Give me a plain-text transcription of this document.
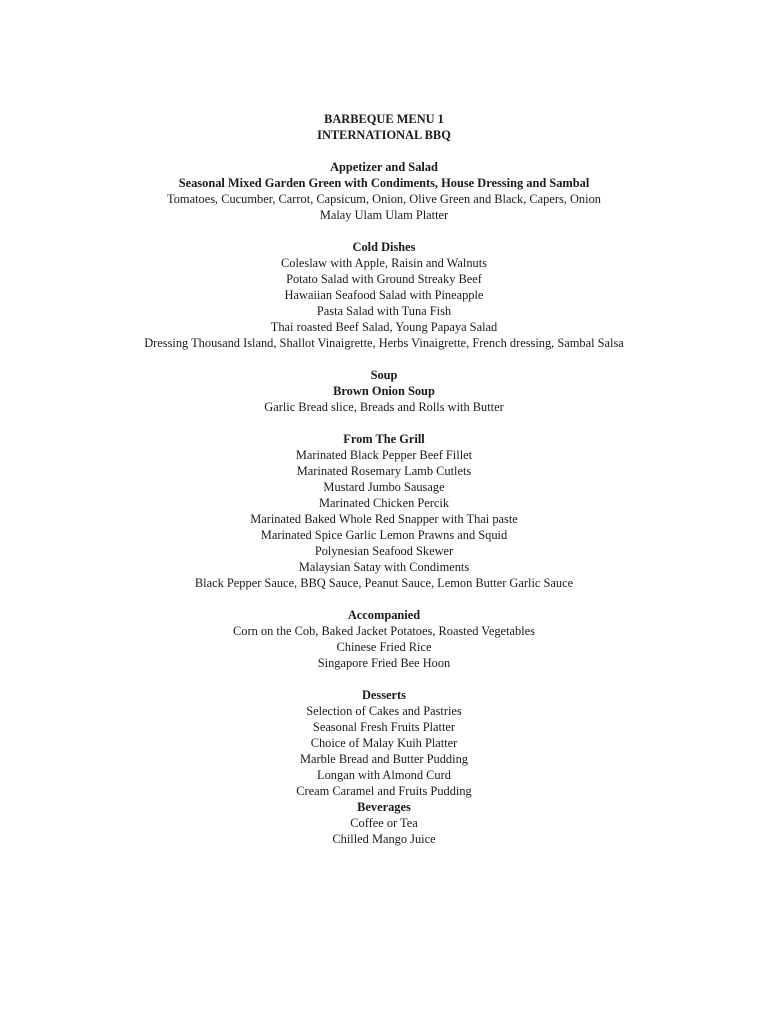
BARBEQUE MENU 1
INTERNATIONAL BBQ
Appetizer and Salad
Seasonal Mixed Garden Green with Condiments, House Dressing and Sambal
Tomatoes, Cucumber, Carrot, Capsicum, Onion, Olive Green and Black, Capers, Onion
Malay Ulam Ulam Platter
Cold Dishes
Coleslaw with Apple, Raisin and Walnuts
Potato Salad with Ground Streaky Beef
Hawaiian Seafood Salad with Pineapple
Pasta Salad with Tuna Fish
Thai roasted Beef Salad, Young Papaya Salad
Dressing Thousand Island, Shallot Vinaigrette, Herbs Vinaigrette, French dressing, Sambal Salsa
Soup
Brown Onion Soup
Garlic Bread slice, Breads and Rolls with Butter
From The Grill
Marinated Black Pepper Beef Fillet
Marinated Rosemary Lamb Cutlets
Mustard Jumbo Sausage
Marinated Chicken Percik
Marinated Baked Whole Red Snapper with Thai paste
Marinated Spice Garlic Lemon Prawns and Squid
Polynesian Seafood Skewer
Malaysian Satay with Condiments
Black Pepper Sauce, BBQ Sauce, Peanut Sauce, Lemon Butter Garlic Sauce
Accompanied
Corn on the Cob, Baked Jacket Potatoes, Roasted Vegetables
Chinese Fried Rice
Singapore Fried Bee Hoon
Desserts
Selection of Cakes and Pastries
Seasonal Fresh Fruits Platter
Choice of Malay Kuih Platter
Marble Bread and Butter Pudding
Longan with Almond Curd
Cream Caramel and Fruits Pudding
Beverages
Coffee or Tea
Chilled Mango Juice
